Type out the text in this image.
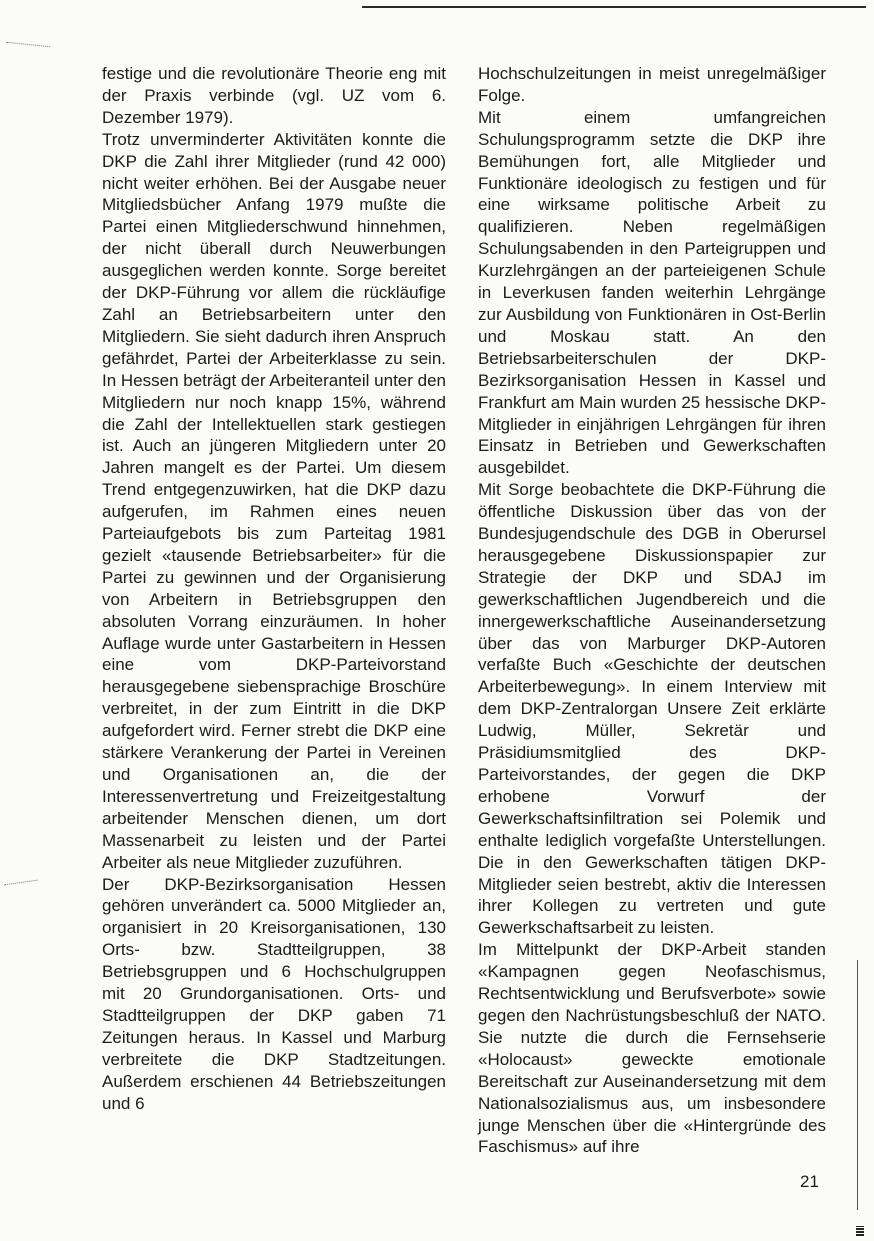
festige und die revolutionäre Theorie eng mit der Praxis verbinde (vgl. UZ vom 6. Dezember 1979).

Trotz unverminderter Aktivitäten konnte die DKP die Zahl ihrer Mitglieder (rund 42 000) nicht weiter erhöhen. Bei der Ausgabe neuer Mitgliedsbücher Anfang 1979 mußte die Partei einen Mitgliederschwund hinnehmen, der nicht überall durch Neuwerbungen ausgeglichen werden konnte. Sorge bereitet der DKP-Führung vor allem die rückläufige Zahl an Betriebsarbeitern unter den Mitgliedern. Sie sieht dadurch ihren Anspruch gefährdet, Partei der Arbeiterklasse zu sein. In Hessen beträgt der Arbeiteranteil unter den Mitgliedern nur noch knapp 15%, während die Zahl der Intellektuellen stark gestiegen ist. Auch an jüngeren Mitgliedern unter 20 Jahren mangelt es der Partei. Um diesem Trend entgegenzuwirken, hat die DKP dazu aufgerufen, im Rahmen eines neuen Parteiaufgebots bis zum Parteitag 1981 gezielt «tausende Betriebsarbeiter» für die Partei zu gewinnen und der Organisierung von Arbeitern in Betriebsgruppen den absoluten Vorrang einzuräumen. In hoher Auflage wurde unter Gastarbeitern in Hessen eine vom DKP-Parteivorstand herausgegebene siebensprachige Broschüre verbreitet, in der zum Eintritt in die DKP aufgefordert wird. Ferner strebt die DKP eine stärkere Verankerung der Partei in Vereinen und Organisationen an, die der Interessenvertretung und Freizeitgestaltung arbeitender Menschen dienen, um dort Massenarbeit zu leisten und der Partei Arbeiter als neue Mitglieder zuzuführen.

Der DKP-Bezirksorganisation Hessen gehören unverändert ca. 5000 Mitglieder an, organisiert in 20 Kreisorganisationen, 130 Orts- bzw. Stadtteilgruppen, 38 Betriebsgruppen und 6 Hochschulgruppen mit 20 Grundorganisationen. Orts- und Stadtteilgruppen der DKP gaben 71 Zeitungen heraus. In Kassel und Marburg verbreitete die DKP Stadtzeitungen. Außerdem erschienen 44 Betriebszeitungen und 6

Hochschulzeitungen in meist unregelmäßiger Folge.

Mit einem umfangreichen Schulungsprogramm setzte die DKP ihre Bemühungen fort, alle Mitglieder und Funktionäre ideologisch zu festigen und für eine wirksame politische Arbeit zu qualifizieren. Neben regelmäßigen Schulungsabenden in den Parteigruppen und Kurzlehrgängen an der parteieigenen Schule in Leverkusen fanden weiterhin Lehrgänge zur Ausbildung von Funktionären in Ost-Berlin und Moskau statt. An den Betriebsarbeiterschulen der DKP-Bezirksorganisation Hessen in Kassel und Frankfurt am Main wurden 25 hessische DKP-Mitglieder in einjährigen Lehrgängen für ihren Einsatz in Betrieben und Gewerkschaften ausgebildet.

Mit Sorge beobachtete die DKP-Führung die öffentliche Diskussion über das von der Bundesjugendschule des DGB in Oberursel herausgegebene Diskussionspapier zur Strategie der DKP und SDAJ im gewerkschaftlichen Jugendbereich und die innergewerkschaftliche Auseinandersetzung über das von Marburger DKP-Autoren verfaßte Buch «Geschichte der deutschen Arbeiterbewegung». In einem Interview mit dem DKP-Zentralorgan Unsere Zeit erklärte Ludwig, Müller, Sekretär und Präsidiumsmitglied des DKP-Parteivorstandes, der gegen die DKP erhobene Vorwurf der Gewerkschaftsinfiltration sei Polemik und enthalte lediglich vorgefaßte Unterstellungen. Die in den Gewerkschaften tätigen DKP-Mitglieder seien bestrebt, aktiv die Interessen ihrer Kollegen zu vertreten und gute Gewerkschaftsarbeit zu leisten.

Im Mittelpunkt der DKP-Arbeit standen «Kampagnen gegen Neofaschismus, Rechtsentwicklung und Berufsverbote» sowie gegen den Nachrüstungsbeschluß der NATO. Sie nutzte die durch die Fernsehserie «Holocaust» geweckte emotionale Bereitschaft zur Auseinandersetzung mit dem Nationalsozialismus aus, um insbesondere junge Menschen über die «Hintergründe des Faschismus» auf ihre

21
